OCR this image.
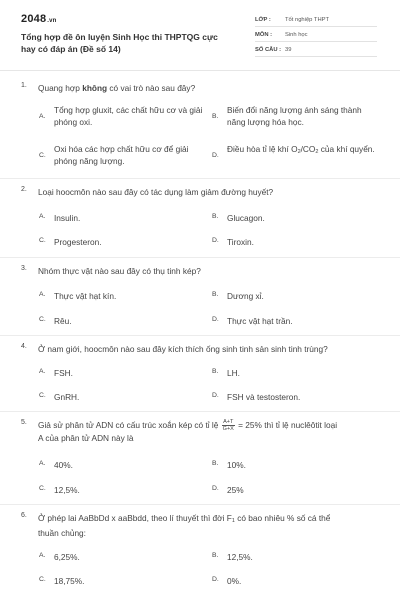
2048.vn
Tổng hợp đề ôn luyện Sinh Học thi THPTQG cực hay có đáp án (Đề số 14)
LỚP : Tốt nghiệp THPT
MÔN : Sinh học
SỐ CÂU : 39
1. Quang hợp không có vai trò nào sau đây?
A.
Tổng hợp gluxit, các chất hữu cơ và giải phóng oxi.
B.
Biến đổi năng lượng ánh sáng thành năng lượng hóa học.
C.
Oxi hóa các hợp chất hữu cơ để giải phóng năng lượng.
D.
Điều hòa tỉ lệ khí $O_2/CO_2$ của khí quyển.
2. Loại hoocmôn nào sau đây có tác dụng làm giảm đường huyết?
A. Insulin.	B. Glucagon.
C. Progesteron.	D. Tiroxin.
3. Nhóm thực vật nào sau đây có thụ tinh kép?
A. Thực vật hạt kín.	B. Dương xỉ.
C. Rêu.	D. Thực vật hạt trần.
4. Ở nam giới, hoocmôn nào sau đây kích thích ống sinh tinh sản sinh tinh trùng?
A. FSH.	B. LH.
C. GnRH.	D. FSH và testosteron.
5. Giả sử phân tử ADN có cấu trúc xoắn kép có tỉ lệ $\frac{A+T}{G+X} = 25\%$ thì tỉ lệ nuclêôtit loại
A của phân tử ADN này là
A. 40%.	B. 10%.
C. 12,5%.	D. 25%
6. Ở phép lai AaBbDd x aaBbdd, theo lí thuyết thì đời $F_1$ có bao nhiêu % số cá thể
thuần chủng:
A. 6,25%.	B. 12,5%.
C. 18,75%.	D. 0%.
